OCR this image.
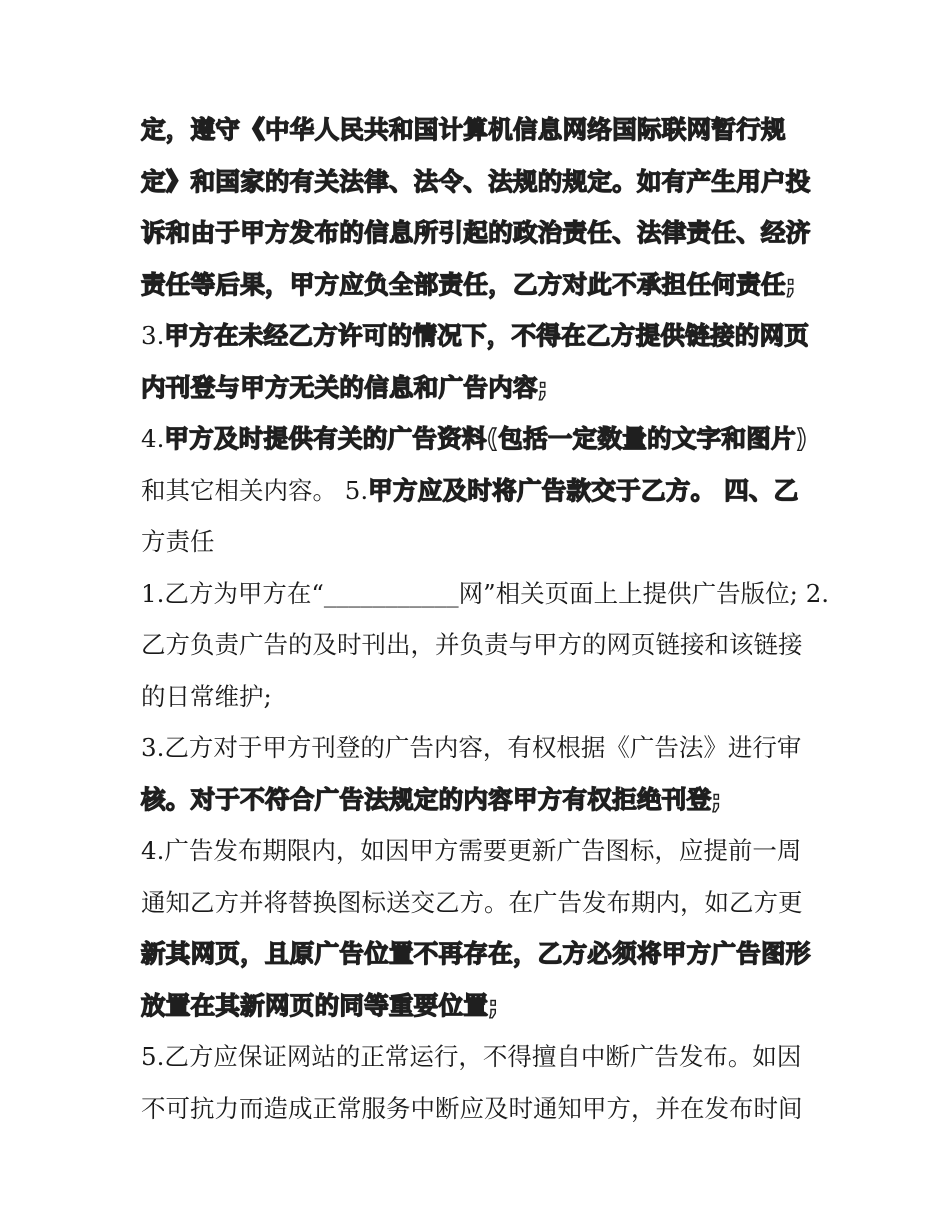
定，遵守《中华人民共和国计算机信息网络国际联网暂行规
定》和国家的有关法律、法令、法规的规定。如有产生用户投
诉和由于甲方发布的信息所引起的政治责任、法律责任、经济
责任等后果，甲方应负全部责任，乙方对此不承担任何责任;
3.甲方在未经乙方许可的情况下，不得在乙方提供链接的网页
内刊登与甲方无关的信息和广告内容;
4.甲方及时提供有关的广告资料(包括一定数量的文字和图片)
和其它相关内容。 5.甲方应及时将广告款交于乙方。 四、乙
方责任
1.乙方为甲方在“___________网”相关页面上上提供广告版位; 2.
乙方负责广告的及时刊出，并负责与甲方的网页链接和该链接
的日常维护;
3.乙方对于甲方刊登的广告内容，有权根据《广告法》进行审
核。对于不符合广告法规定的内容甲方有权拒绝刊登;
4.广告发布期限内，如因甲方需要更新广告图标，应提前一周
通知乙方并将替换图标送交乙方。在广告发布期内，如乙方更
新其网页，且原广告位置不再存在，乙方必须将甲方广告图形
放置在其新网页的同等重要位置;
5.乙方应保证网站的正常运行，不得擅自中断广告发布。如因
不可抗力而造成正常服务中断应及时通知甲方，并在发布时间
